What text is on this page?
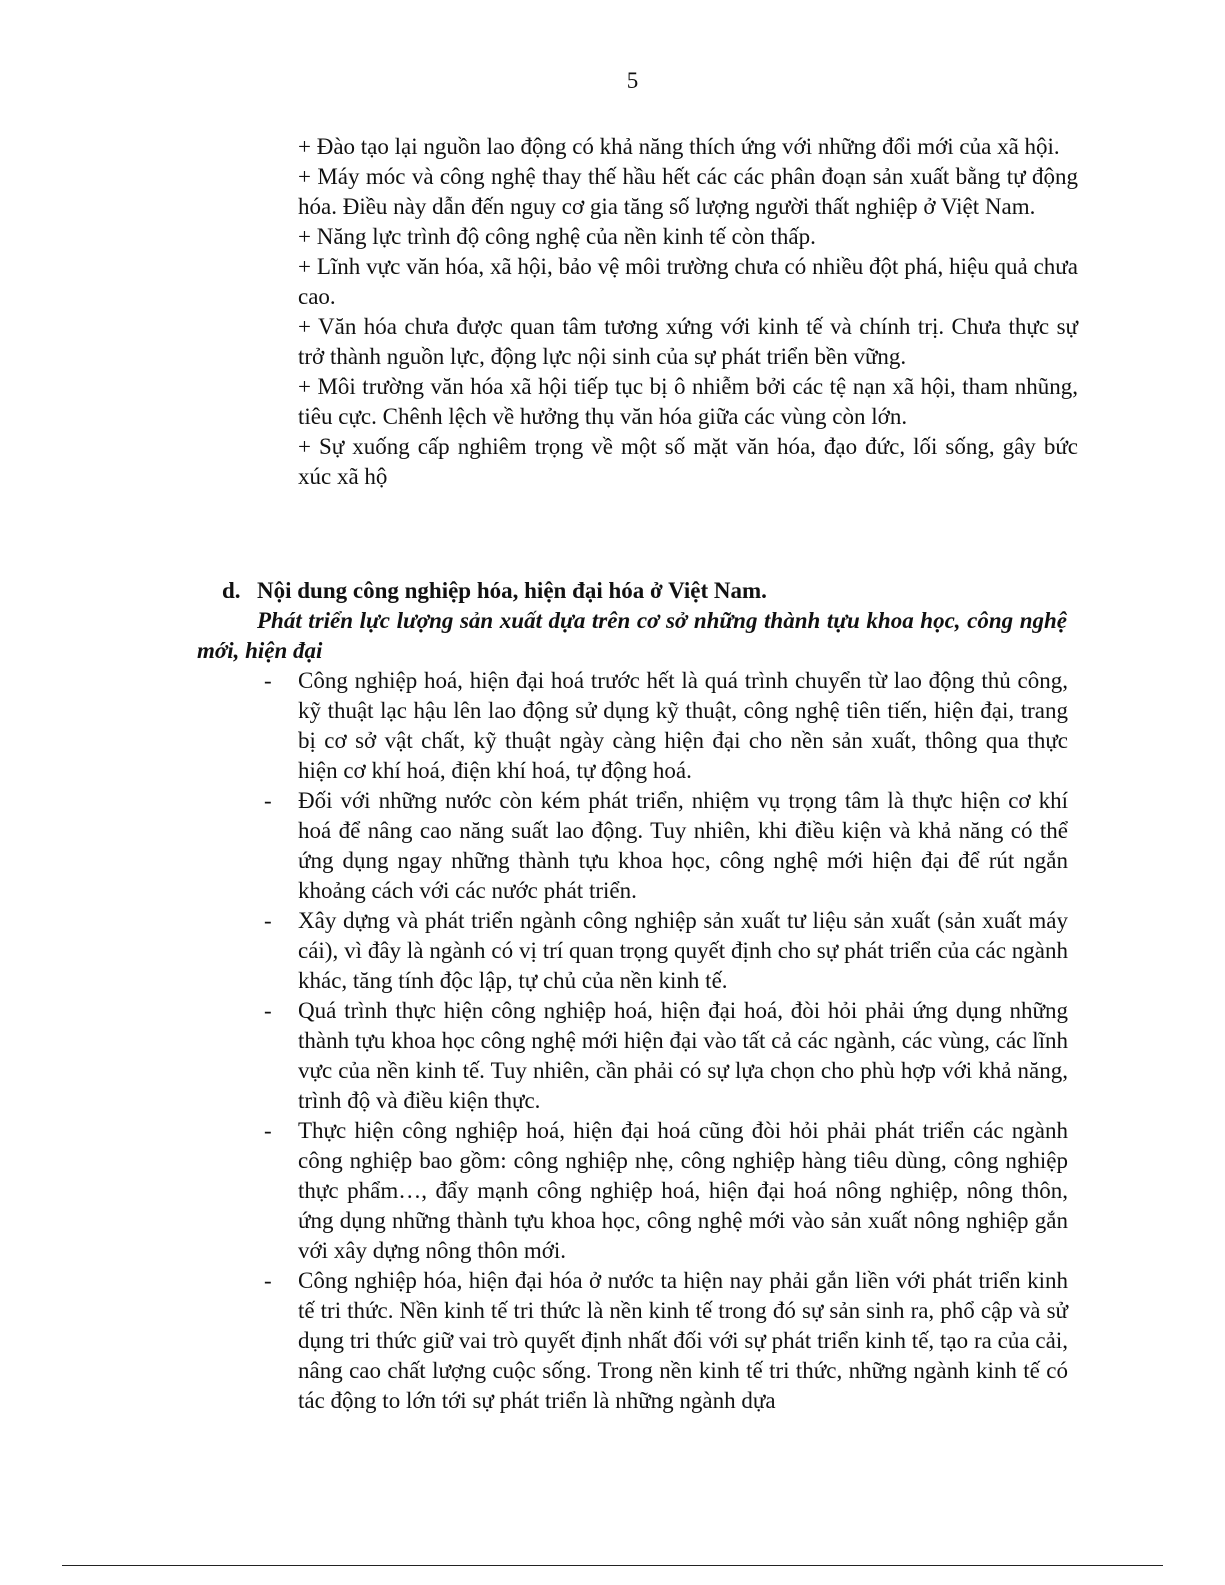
5

+ Đào tạo lại nguồn lao động có khả năng thích ứng với những đổi mới của xã hội.

+ Máy móc và công nghệ thay thế hầu hết các các phân đoạn sản xuất bằng tự động hóa. Điều này dẫn đến nguy cơ gia tăng số lượng người thất nghiệp ở Việt Nam.

+ Năng lực trình độ công nghệ của nền kinh tế còn thấp.

+ Lĩnh vực văn hóa, xã hội, bảo vệ môi trường chưa có nhiều đột phá, hiệu quả chưa cao.

+ Văn hóa chưa được quan tâm tương xứng với kinh tế và chính trị. Chưa thực sự trở thành nguồn lực, động lực nội sinh của sự phát triển bền vững.

+ Môi trường văn hóa xã hội tiếp tục bị ô nhiễm bởi các tệ nạn xã hội, tham nhũng, tiêu cực. Chênh lệch về hưởng thụ văn hóa giữa các vùng còn lớn.

+ Sự xuống cấp nghiêm trọng về một số mặt văn hóa, đạo đức, lối sống, gây bức xúc xã hộ

d. Nội dung công nghiệp hóa, hiện đại hóa ở Việt Nam.

Phát triển lực lượng sản xuất dựa trên cơ sở những thành tựu khoa học, công nghệ mới, hiện đại

- Công nghiệp hoá, hiện đại hoá trước hết là quá trình chuyển từ lao động thủ công, kỹ thuật lạc hậu lên lao động sử dụng kỹ thuật, công nghệ tiên tiến, hiện đại, trang bị cơ sở vật chất, kỹ thuật ngày càng hiện đại cho nền sản xuất, thông qua thực hiện cơ khí hoá, điện khí hoá, tự động hoá.
- Đối với những nước còn kém phát triển, nhiệm vụ trọng tâm là thực hiện cơ khí hoá để nâng cao năng suất lao động. Tuy nhiên, khi điều kiện và khả năng có thể ứng dụng ngay những thành tựu khoa học, công nghệ mới hiện đại để rút ngắn khoảng cách với các nước phát triển.
- Xây dựng và phát triển ngành công nghiệp sản xuất tư liệu sản xuất (sản xuất máy cái), vì đây là ngành có vị trí quan trọng quyết định cho sự phát triển của các ngành khác, tăng tính độc lập, tự chủ của nền kinh tế.
- Quá trình thực hiện công nghiệp hoá, hiện đại hoá, đòi hỏi phải ứng dụng những thành tựu khoa học công nghệ mới hiện đại vào tất cả các ngành, các vùng, các lĩnh vực của nền kinh tế. Tuy nhiên, cần phải có sự lựa chọn cho phù hợp với khả năng, trình độ và điều kiện thực.
- Thực hiện công nghiệp hoá, hiện đại hoá cũng đòi hỏi phải phát triển các ngành công nghiệp bao gồm: công nghiệp nhẹ, công nghiệp hàng tiêu dùng, công nghiệp thực phẩm…, đẩy mạnh công nghiệp hoá, hiện đại hoá nông nghiệp, nông thôn, ứng dụng những thành tựu khoa học, công nghệ mới vào sản xuất nông nghiệp gắn với xây dựng nông thôn mới.
- Công nghiệp hóa, hiện đại hóa ở nước ta hiện nay phải gắn liền với phát triển kinh tế tri thức. Nền kinh tế tri thức là nền kinh tế trong đó sự sản sinh ra, phổ cập và sử dụng tri thức giữ vai trò quyết định nhất đối với sự phát triển kinh tế, tạo ra của cải, nâng cao chất lượng cuộc sống. Trong nền kinh tế tri thức, những ngành kinh tế có tác động to lớn tới sự phát triển là những ngành dựa
